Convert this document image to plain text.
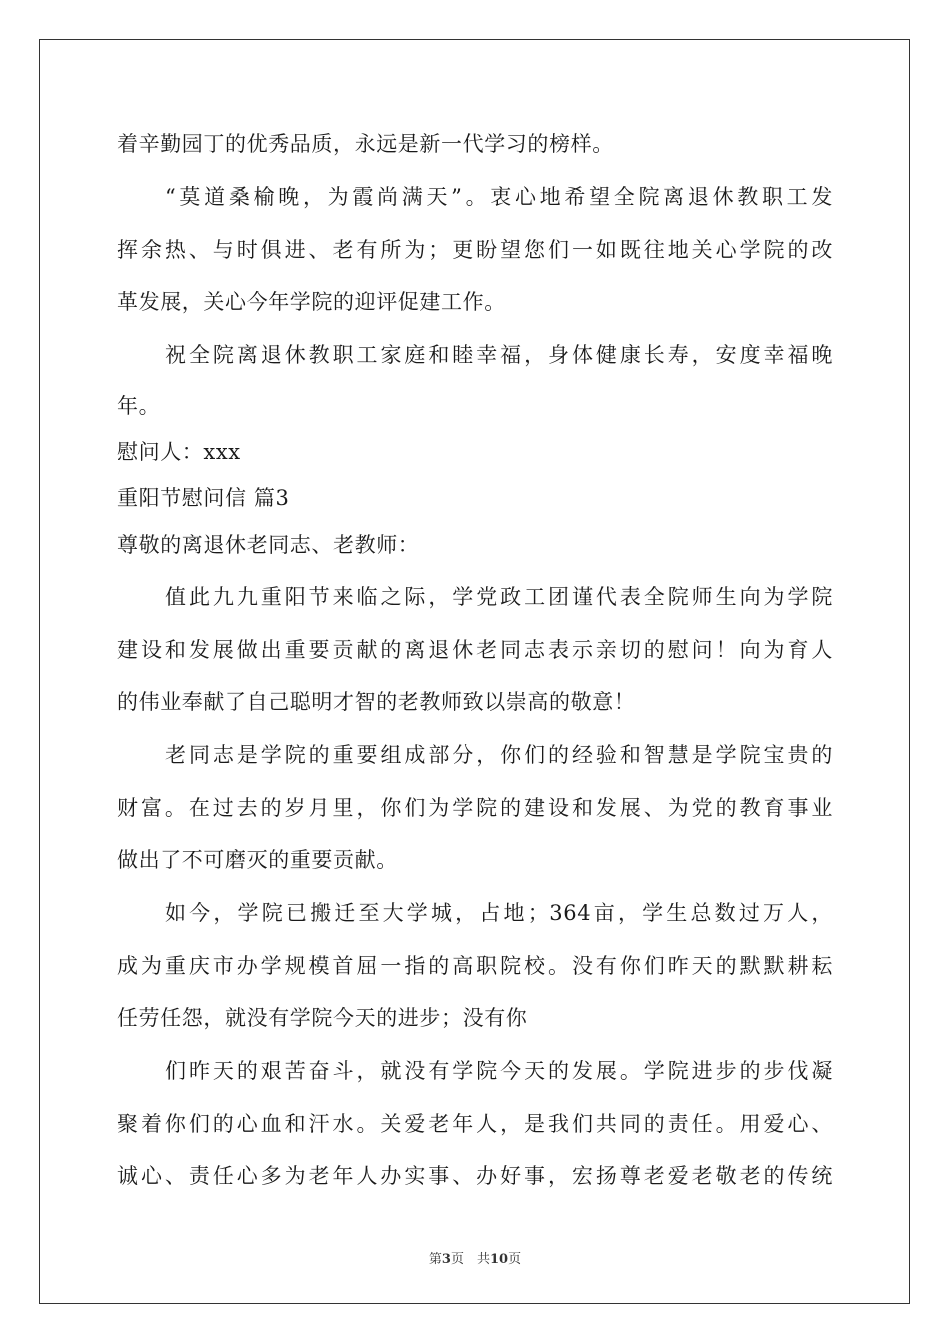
着辛勤园丁的优秀品质，永远是新一代学习的榜样。
“莫道桑榆晚，为霞尚满天”。衷心地希望全院离退休教职工发
挥余热、与时俱进、老有所为；更盼望您们一如既往地关心学院的改
革发展，关心今年学院的迎评促建工作。
祝全院离退休教职工家庭和睦幸福，身体健康长寿，安度幸福晚
年。
慰问人：xxx
重阳节慰问信 篇3
尊敬的离退休老同志、老教师：
值此九九重阳节来临之际，学党政工团谨代表全院师生向为学院
建设和发展做出重要贡献的离退休老同志表示亲切的慰问！向为育人
的伟业奉献了自己聪明才智的老教师致以崇高的敬意！
老同志是学院的重要组成部分，你们的经验和智慧是学院宝贵的
财富。在过去的岁月里，你们为学院的建设和发展、为党的教育事业
做出了不可磨灭的重要贡献。
如今，学院已搬迁至大学城，占地；364亩，学生总数过万人，
成为重庆市办学规模首屈一指的高职院校。没有你们昨天的默默耕耘
任劳任怨，就没有学院今天的进步；没有你
们昨天的艰苦奋斗，就没有学院今天的发展。学院进步的步伐凝
聚着你们的心血和汗水。关爱老年人，是我们共同的责任。用爱心、
诚心、责任心多为老年人办实事、办好事，宏扬尊老爱老敬老的传统
第3页　共10页
